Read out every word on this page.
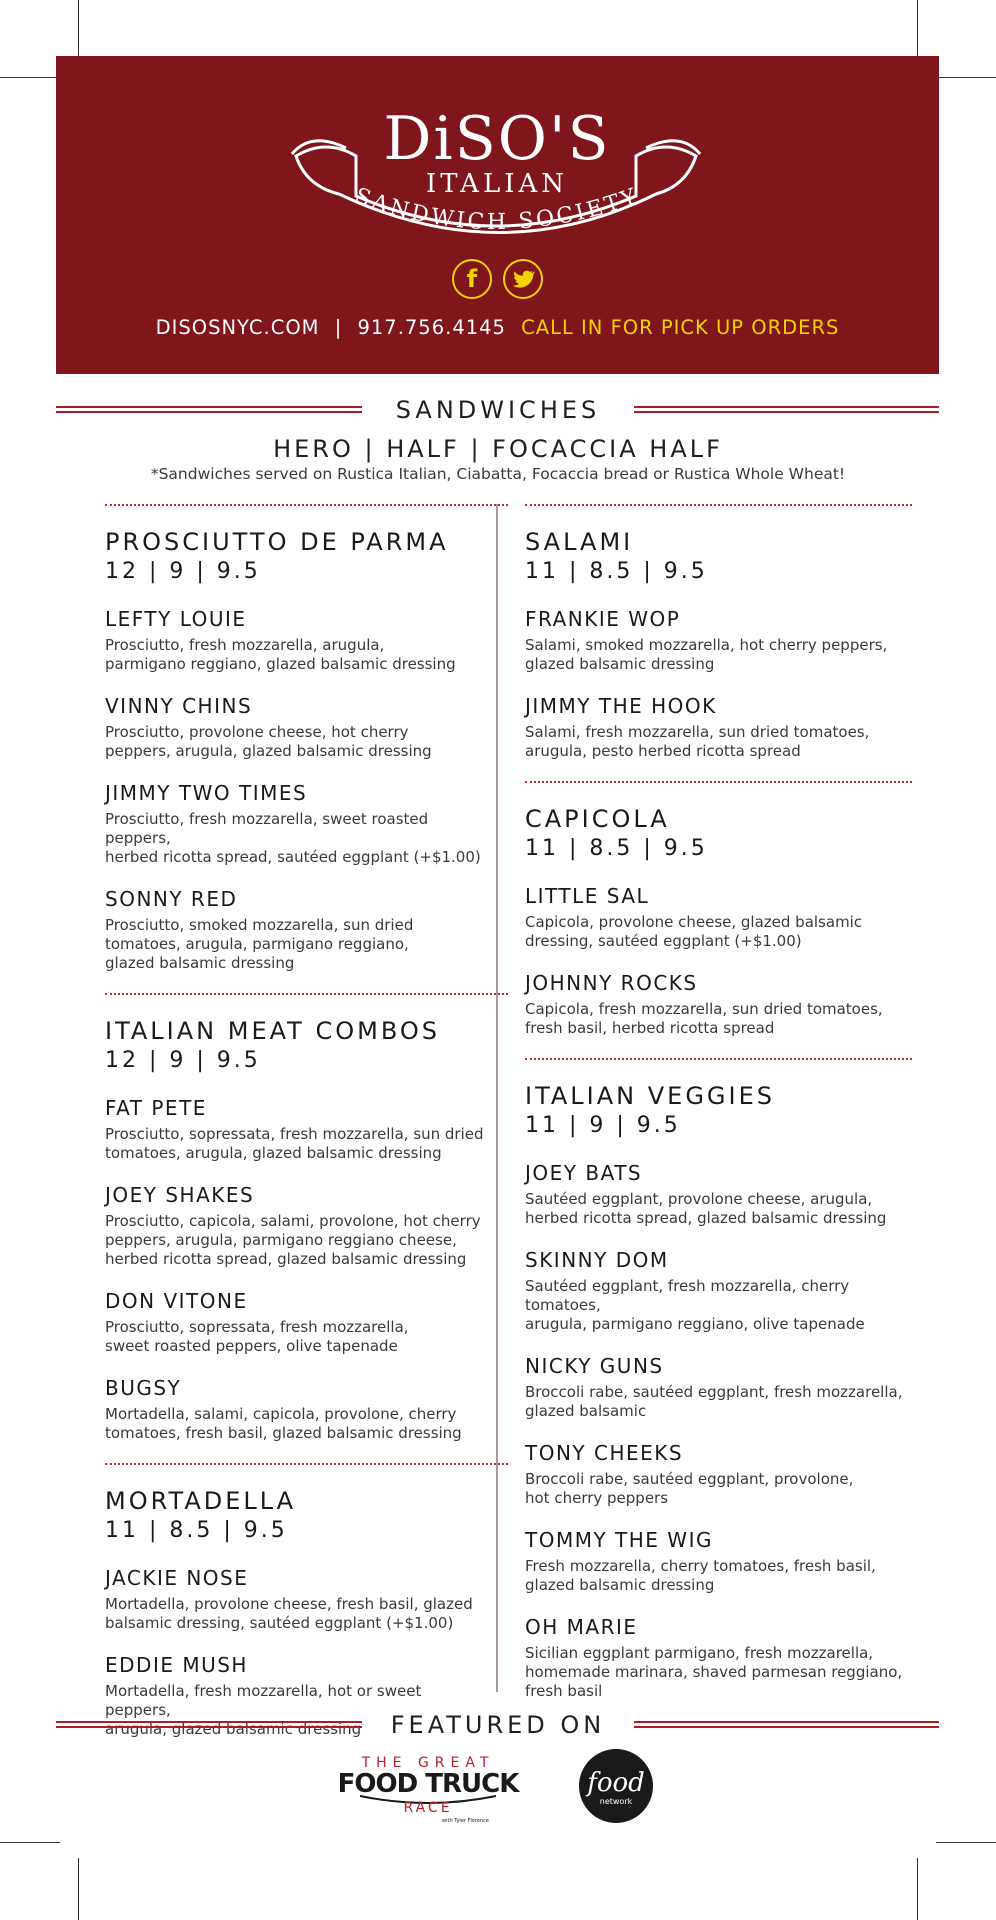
DiSO'S
ITALIAN
SANDWICH SOCIETY
f
DISOSNYC.COM | 917.756.4145 CALL IN FOR PICK UP ORDERS
SANDWICHES
HERO | HALF | FOCACCIA HALF
*Sandwiches served on Rustica Italian, Ciabatta, Focaccia bread or Rustica Whole Wheat!
PROSCIUTTO DE PARMA
12 | 9 | 9.5
LEFTY LOUIE
Prosciutto, fresh mozzarella, arugula,
parmigano reggiano, glazed balsamic dressing
VINNY CHINS
Prosciutto, provolone cheese, hot cherry
peppers, arugula, glazed balsamic dressing
JIMMY TWO TIMES
Prosciutto, fresh mozzarella, sweet roasted peppers,
herbed ricotta spread, sautéed eggplant (+$1.00)
SONNY RED
Prosciutto, smoked mozzarella, sun dried
tomatoes, arugula, parmigano reggiano,
glazed balsamic dressing
ITALIAN MEAT COMBOS
12 | 9 | 9.5
FAT PETE
Prosciutto, sopressata, fresh mozzarella, sun dried
tomatoes, arugula, glazed balsamic dressing
JOEY SHAKES
Prosciutto, capicola, salami, provolone, hot cherry
peppers, arugula, parmigano reggiano cheese,
herbed ricotta spread, glazed balsamic dressing
DON VITONE
Prosciutto, sopressata, fresh mozzarella,
sweet roasted peppers, olive tapenade
BUGSY
Mortadella, salami, capicola, provolone, cherry
tomatoes, fresh basil, glazed balsamic dressing
MORTADELLA
11 | 8.5 | 9.5
JACKIE NOSE
Mortadella, provolone cheese, fresh basil, glazed
balsamic dressing, sautéed eggplant (+$1.00)
EDDIE MUSH
Mortadella, fresh mozzarella, hot or sweet peppers,
arugula, glazed balsamic dressing
SALAMI
11 | 8.5 | 9.5
FRANKIE WOP
Salami, smoked mozzarella, hot cherry peppers,
glazed balsamic dressing
JIMMY THE HOOK
Salami, fresh mozzarella, sun dried tomatoes,
arugula, pesto herbed ricotta spread
CAPICOLA
11 | 8.5 | 9.5
LITTLE SAL
Capicola, provolone cheese, glazed balsamic
dressing, sautéed eggplant (+$1.00)
JOHNNY ROCKS
Capicola, fresh mozzarella, sun dried tomatoes,
fresh basil, herbed ricotta spread
ITALIAN VEGGIES
11 | 9 | 9.5
JOEY BATS
Sautéed eggplant, provolone cheese, arugula,
herbed ricotta spread, glazed balsamic dressing
SKINNY DOM
Sautéed eggplant, fresh mozzarella, cherry tomatoes,
arugula, parmigano reggiano, olive tapenade
NICKY GUNS
Broccoli rabe, sautéed eggplant, fresh mozzarella,
glazed balsamic
TONY CHEEKS
Broccoli rabe, sautéed eggplant, provolone,
hot cherry peppers
TOMMY THE WIG
Fresh mozzarella, cherry tomatoes, fresh basil,
glazed balsamic dressing
OH MARIE
Sicilian eggplant parmigano, fresh mozzarella,
homemade marinara, shaved parmesan reggiano,
fresh basil
FEATURED ON
THE GREAT
FOOD TRUCK
RACE
with Tyler Florence
food
network
